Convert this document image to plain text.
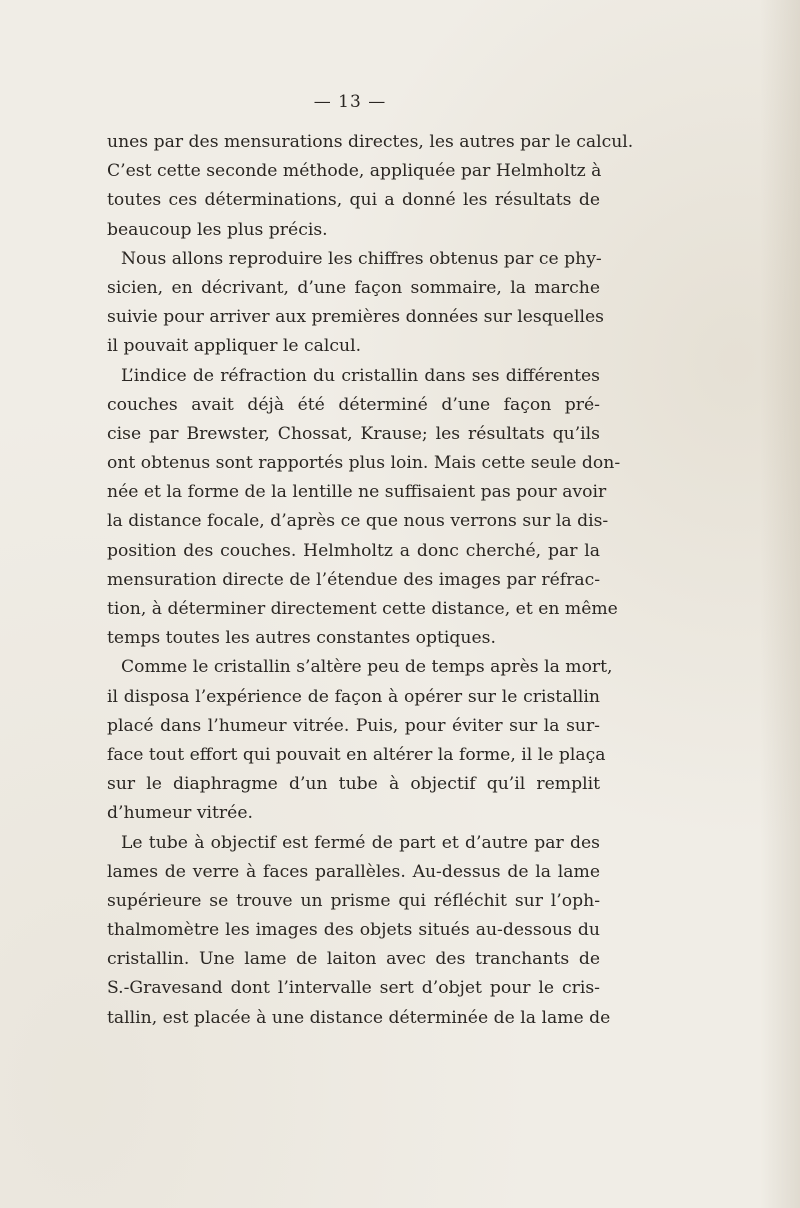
— 13 —
unes par des mensurations directes, les autres par le calcul.
C’est cette seconde méthode, appliquée par Helmholtz à
toutes ces déterminations, qui a donné les résultats de
beaucoup les plus précis.
Nous allons reproduire les chiffres obtenus par ce phy-
sicien, en décrivant, d’une façon sommaire, la marche
suivie pour arriver aux premières données sur lesquelles
il pouvait appliquer le calcul.
L’indice de réfraction du cristallin dans ses différentes
couches avait déjà été déterminé d’une façon pré-
cise par Brewster, Chossat, Krause; les résultats qu’ils
ont obtenus sont rapportés plus loin. Mais cette seule don-
née et la forme de la lentille ne suffisaient pas pour avoir
la distance focale, d’après ce que nous verrons sur la dis-
position des couches. Helmholtz a donc cherché, par la
mensuration directe de l’étendue des images par réfrac-
tion, à déterminer directement cette distance, et en même
temps toutes les autres constantes optiques.
Comme le cristallin s’altère peu de temps après la mort,
il disposa l’expérience de façon à opérer sur le cristallin
placé dans l’humeur vitrée. Puis, pour éviter sur la sur-
face tout effort qui pouvait en altérer la forme, il le plaça
sur le diaphragme d’un tube à objectif qu’il remplit
d’humeur vitrée.
Le tube à objectif est fermé de part et d’autre par des
lames de verre à faces parallèles. Au-dessus de la lame
supérieure se trouve un prisme qui réfléchit sur l’oph-
thalmomètre les images des objets situés au-dessous du
cristallin. Une lame de laiton avec des tranchants de
S.-Gravesand dont l’intervalle sert d’objet pour le cris-
tallin, est placée à une distance déterminée de la lame de
